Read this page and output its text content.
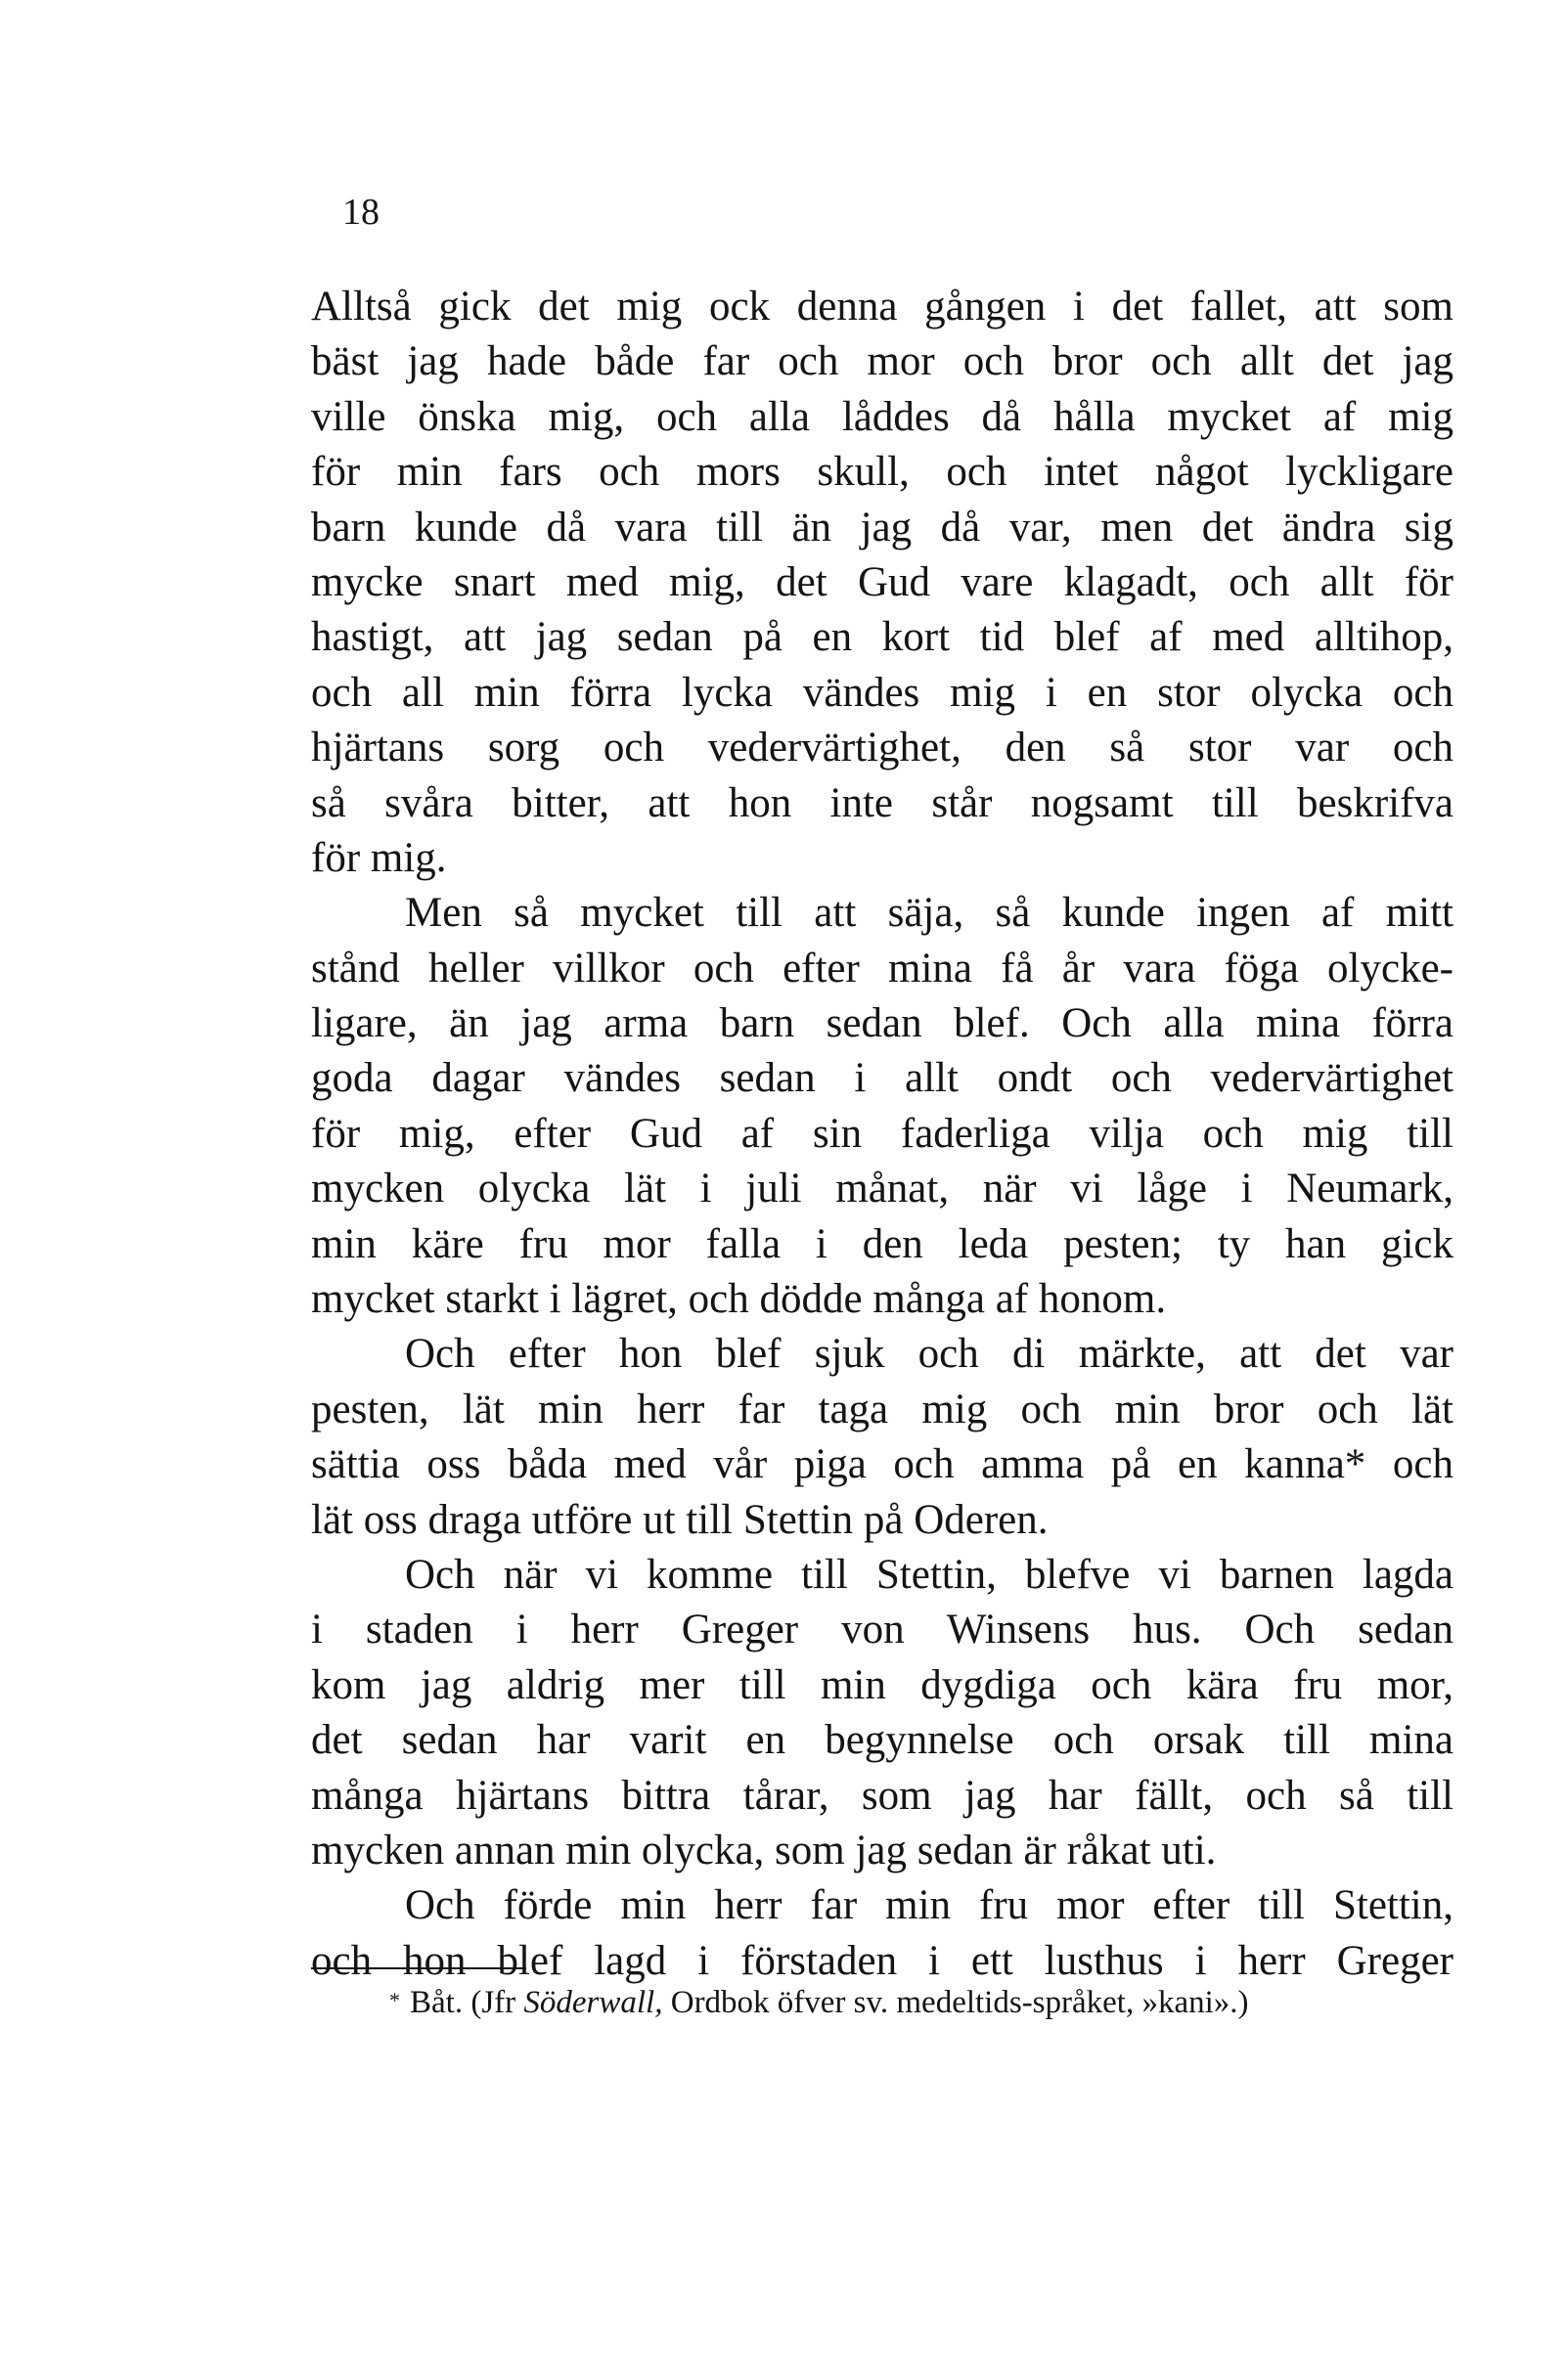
18
Alltså gick det mig ock denna gången i det fallet, att som
bäst jag hade både far och mor och bror och allt det jag
ville önska mig, och alla låddes då hålla mycket af mig
för min fars och mors skull, och intet något lyckligare
barn kunde då vara till än jag då var, men det ändra sig
mycke snart med mig, det Gud vare klagadt, och allt för
hastigt, att jag sedan på en kort tid blef af med alltihop,
och all min förra lycka vändes mig i en stor olycka och
hjärtans sorg och vedervärtighet, den så stor var och
så svåra bitter, att hon inte står nogsamt till beskrifva
för mig.
Men så mycket till att säja, så kunde ingen af mitt
stånd heller villkor och efter mina få år vara föga olycke-
ligare, än jag arma barn sedan blef. Och alla mina förra
goda dagar vändes sedan i allt ondt och vedervärtighet
för mig, efter Gud af sin faderliga vilja och mig till
mycken olycka lät i juli månat, när vi låge i Neumark,
min käre fru mor falla i den leda pesten; ty han gick
mycket starkt i lägret, och dödde många af honom.
Och efter hon blef sjuk och di märkte, att det var
pesten, lät min herr far taga mig och min bror och lät
sättia oss båda med vår piga och amma på en kanna* och
lät oss draga utföre ut till Stettin på Oderen.
Och när vi komme till Stettin, blefve vi barnen lagda
i staden i herr Greger von Winsens hus. Och sedan
kom jag aldrig mer till min dygdiga och kära fru mor,
det sedan har varit en begynnelse och orsak till mina
många hjärtans bittra tårar, som jag har fällt, och så till
mycken annan min olycka, som jag sedan är råkat uti.
Och förde min herr far min fru mor efter till Stettin,
och hon blef lagd i förstaden i ett lusthus i herr Greger
* Båt. (Jfr Söderwall, Ordbok öfver sv. medeltids-språket, »kani».)
